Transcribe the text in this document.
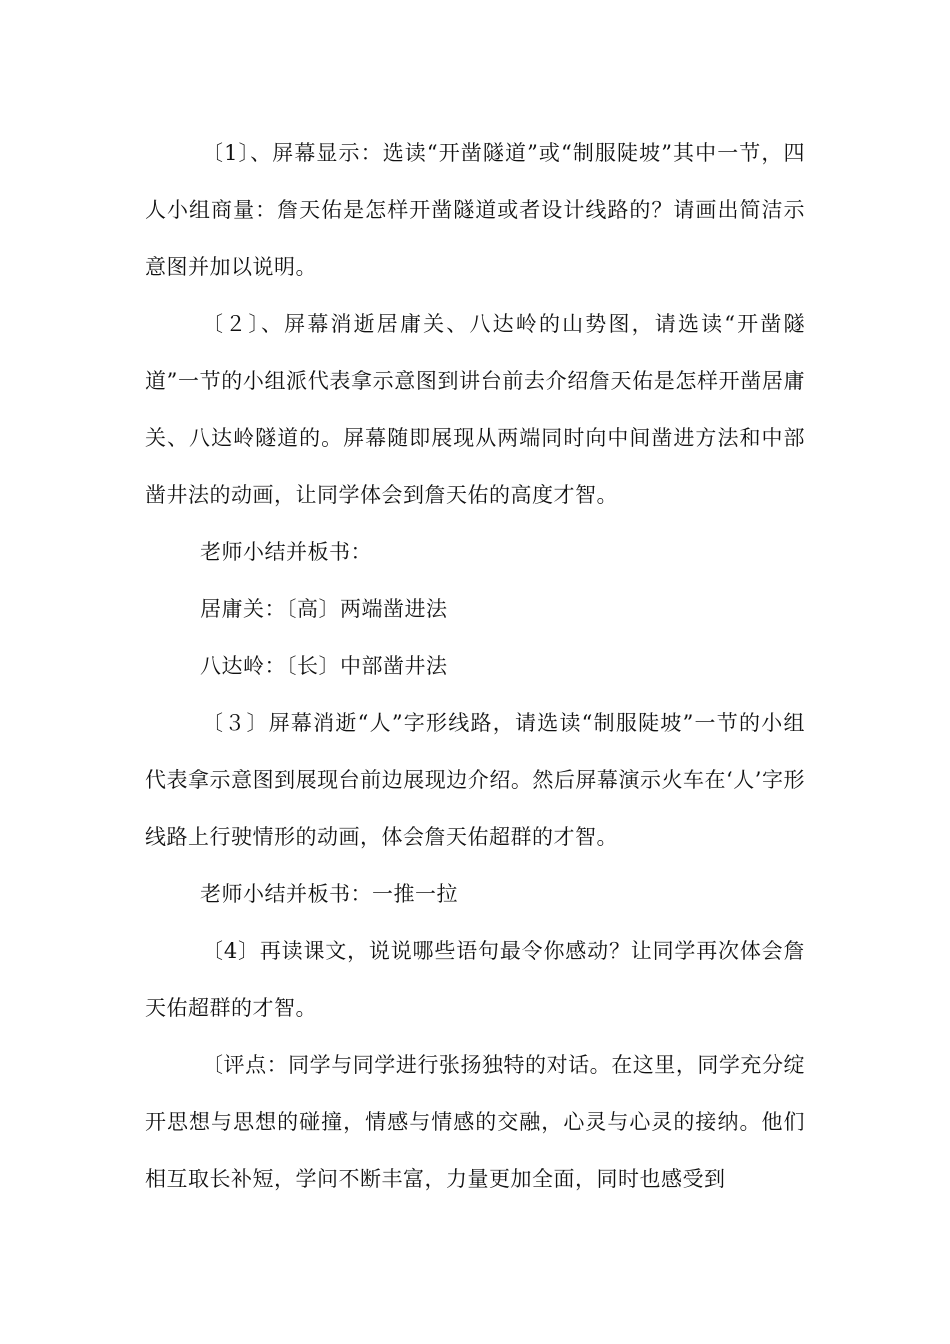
〔1〕、屏幕显示：选读“开凿隧道”或“制服陡坡”其中一节，四人小组商量：詹天佑是怎样开凿隧道或者设计线路的？请画出简洁示意图并加以说明。

〔２〕、屏幕消逝居庸关、八达岭的山势图，请选读“开凿隧道”一节的小组派代表拿示意图到讲台前去介绍詹天佑是怎样开凿居庸关、八达岭隧道的。屏幕随即展现从两端同时向中间凿进方法和中部凿井法的动画，让同学体会到詹天佑的高度才智。

老师小结并板书：

居庸关：〔高〕两端凿进法

八达岭：〔长〕中部凿井法

〔３〕屏幕消逝“人”字形线路，请选读“制服陡坡”一节的小组代表拿示意图到展现台前边展现边介绍。然后屏幕演示火车在‘人’字形线路上行驶情形的动画，体会詹天佑超群的才智。

老师小结并板书：一推一拉

〔4〕再读课文，说说哪些语句最令你感动？让同学再次体会詹天佑超群的才智。

〔评点：同学与同学进行张扬独特的对话。在这里，同学充分绽开思想与思想的碰撞，情感与情感的交融，心灵与心灵的接纳。他们相互取长补短，学问不断丰富，力量更加全面，同时也感受到
